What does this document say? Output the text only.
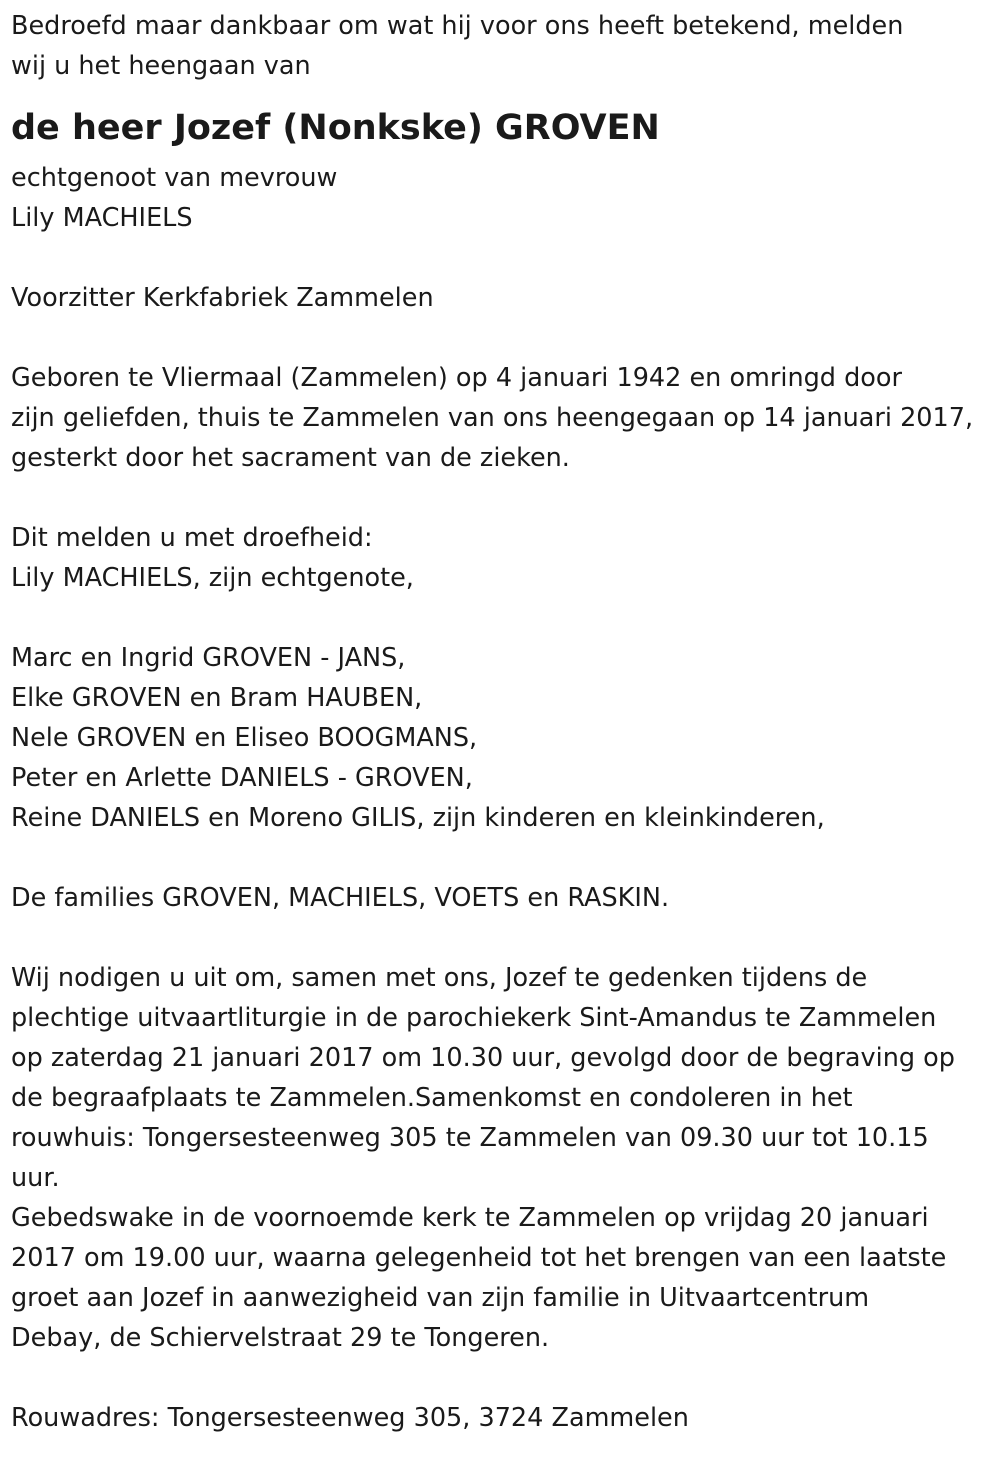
Bedroefd maar dankbaar om wat hij voor ons heeft betekend, melden
wij u het heengaan van
de heer Jozef (Nonkske) GROVEN
echtgenoot van mevrouw
Lily MACHIELS
Voorzitter Kerkfabriek Zammelen
Geboren te Vliermaal (Zammelen) op 4 januari 1942 en omringd door
zijn geliefden, thuis te Zammelen van ons heengegaan op 14 januari 2017,
gesterkt door het sacrament van de zieken.
Dit melden u met droefheid:
Lily MACHIELS, zijn echtgenote,
Marc en Ingrid GROVEN - JANS,
Elke GROVEN en Bram HAUBEN,
Nele GROVEN en Eliseo BOOGMANS,
Peter en Arlette DANIELS - GROVEN,
Reine DANIELS en Moreno GILIS, zijn kinderen en kleinkinderen,
De families GROVEN, MACHIELS, VOETS en RASKIN.
Wij nodigen u uit om, samen met ons, Jozef te gedenken tijdens de
plechtige uitvaartliturgie in de parochiekerk Sint-Amandus te Zammelen
op zaterdag 21 januari 2017 om 10.30 uur, gevolgd door de begraving op
de begraafplaats te Zammelen.Samenkomst en condoleren in het
rouwhuis: Tongersesteenweg 305 te Zammelen van 09.30 uur tot 10.15
uur.
Gebedswake in de voornoemde kerk te Zammelen op vrijdag 20 januari
2017 om 19.00 uur, waarna gelegenheid tot het brengen van een laatste
groet aan Jozef in aanwezigheid van zijn familie in Uitvaartcentrum
Debay, de Schiervelstraat 29 te Tongeren.
Rouwadres: Tongersesteenweg 305, 3724 Zammelen
